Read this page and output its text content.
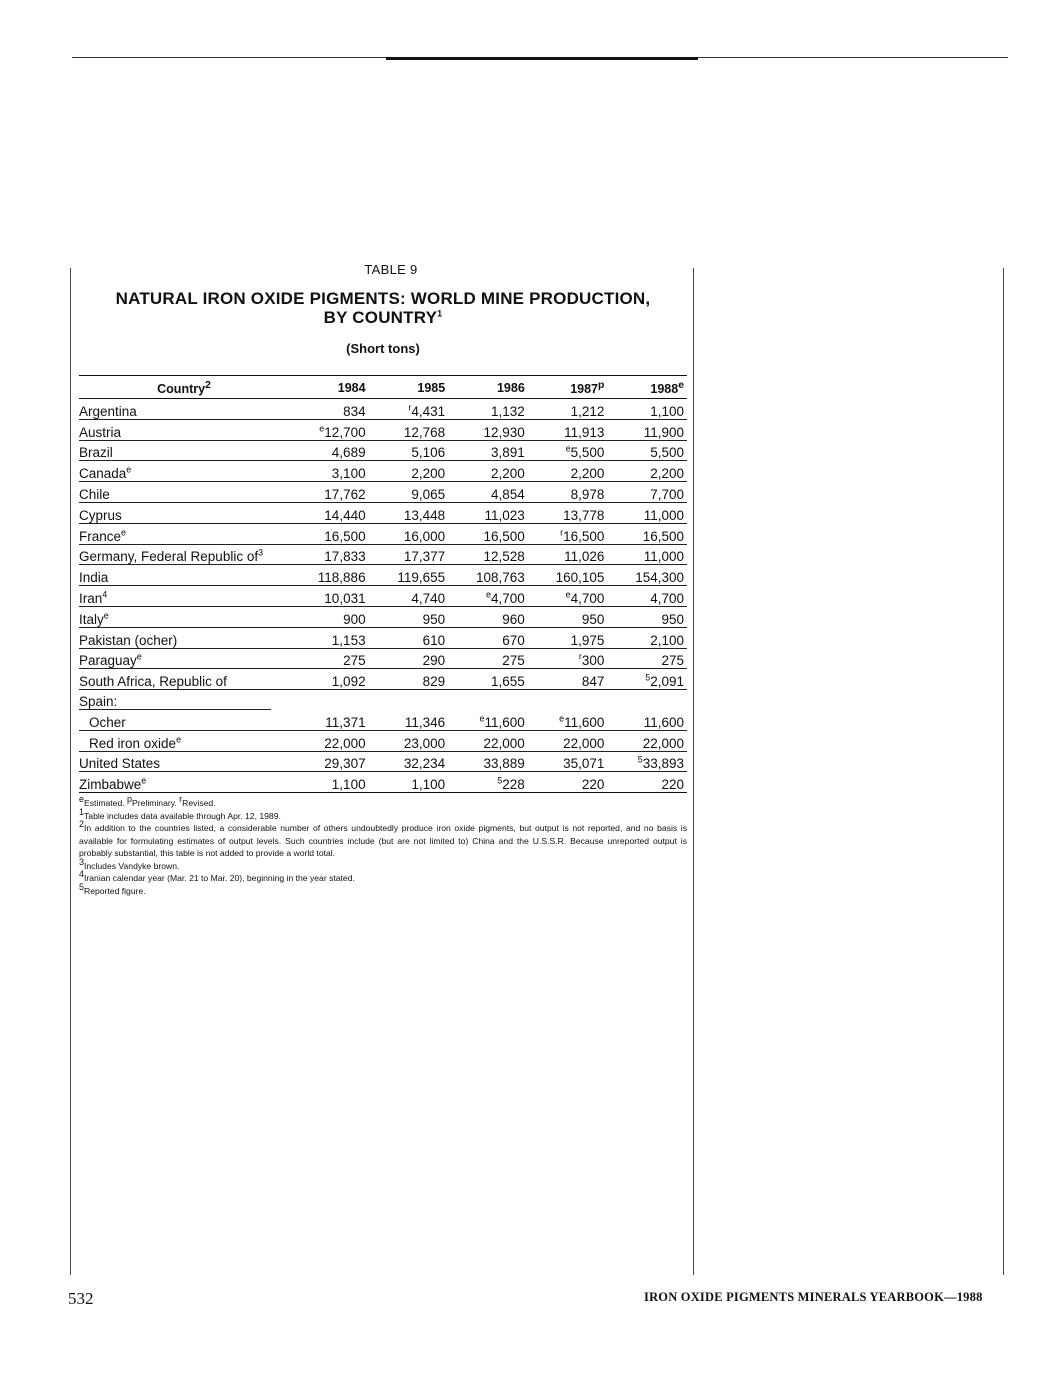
TABLE 9
NATURAL IRON OXIDE PIGMENTS: WORLD MINE PRODUCTION,
BY COUNTRY$^1$
(Short tons)
Country$^2$	1984	1985	1986	1987$^p$	1988e
Argentina	834	$^r$4,431	1,132	1,212	1,100
Austria	$^e$12,700	12,768	12,930	11,913	11,900
Brazil	4,689	5,106	3,891	$^e$5,500	5,500
Canada$^e$	3,100	2,200	2,200	2,200	2,200
Chile	17,762	9,065	4,854	8,978	7,700
Cyprus	14,440	13,448	11,023	13,778	11,000
France$^e$	16,500	16,000	16,500	$^r$16,500	16,500
Germany, Federal Republic $of^3$	17,833	17,377	12,528	11,026	11,000
India	118,886	119,655	108,763	160,105	154,300
Iran$^4$	10,031	4,740	$^e$4,700	$^e$4,700	4,700
Italy$^e$	900	950	960	950	950
Pakistan (ocher)	1,153	610	670	1,975	2,100
Paraguay$^e$	275	290	275	$^r$300	275
South Africa, Republic of	1,092	829	1,655	847	$^5$2,091
Spain:					
Ocher	11,371	11,346	$^e$11,600	$^e$11,600	11,600
Red iron oxide$^e$	22,000	23,000	22,000	22,000	22,000
United States	29,307	32,234	33,889	35,071	$^5$33,893
Zimbabwe$^e$	1,100	1,100	$^5$228	220	220

$^e$Estimated. $^p$Preliminary. $^r$Revised.

$^1$Table includes data available through Apr. 12, 1989.

$^2$In addition to the countries listed, a considerable number of others undoubtedly produce iron oxide pigments, but output is not reported, and no basis is available for formulating estimates of output levels. Such countries include (but are not limited to) China and the U.S.S.R. Because unreported output is probably substantial, this table is not added to provide a world total.

$^3$Includes Vandyke brown.

$^4$Iranian calendar year (Mar. 21 to Mar. 20), beginning in the year stated.

$^5$Reported figure.

532	IRON OXIDE PIGMENTS MINERALS YEARBOOK—1988
